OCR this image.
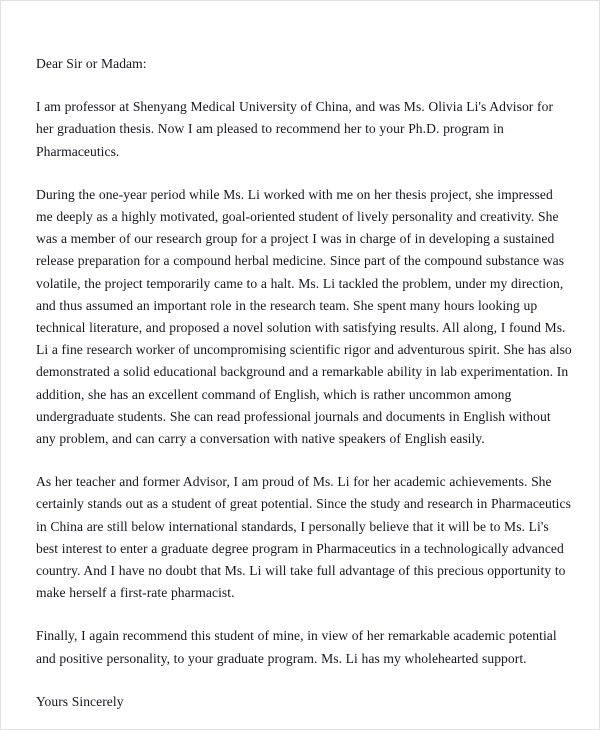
Dear Sir or Madam:

I am professor at Shenyang Medical University of China, and was Ms. Olivia Li's Advisor for her graduation thesis. Now I am pleased to recommend her to your Ph.D. program in Pharmaceutics.

During the one-year period while Ms. Li worked with me on her thesis project, she impressed me deeply as a highly motivated, goal-oriented student of lively personality and creativity. She was a member of our research group for a project I was in charge of in developing a sustained release preparation for a compound herbal medicine. Since part of the compound substance was volatile, the project temporarily came to a halt. Ms. Li tackled the problem, under my direction, and thus assumed an important role in the research team. She spent many hours looking up technical literature, and proposed a novel solution with satisfying results. All along, I found Ms. Li a fine research worker of uncompromising scientific rigor and adventurous spirit. She has also demonstrated a solid educational background and a remarkable ability in lab experimentation. In addition, she has an excellent command of English, which is rather uncommon among undergraduate students. She can read professional journals and documents in English without any problem, and can carry a conversation with native speakers of English easily.

As her teacher and former Advisor, I am proud of Ms. Li for her academic achievements. She certainly stands out as a student of great potential. Since the study and research in Pharmaceutics in China are still below international standards, I personally believe that it will be to Ms. Li's best interest to enter a graduate degree program in Pharmaceutics in a technologically advanced country. And I have no doubt that Ms. Li will take full advantage of this precious opportunity to make herself a first-rate pharmacist.

Finally, I again recommend this student of mine, in view of her remarkable academic potential and positive personality, to your graduate program. Ms. Li has my wholehearted support.

Yours Sincerely
